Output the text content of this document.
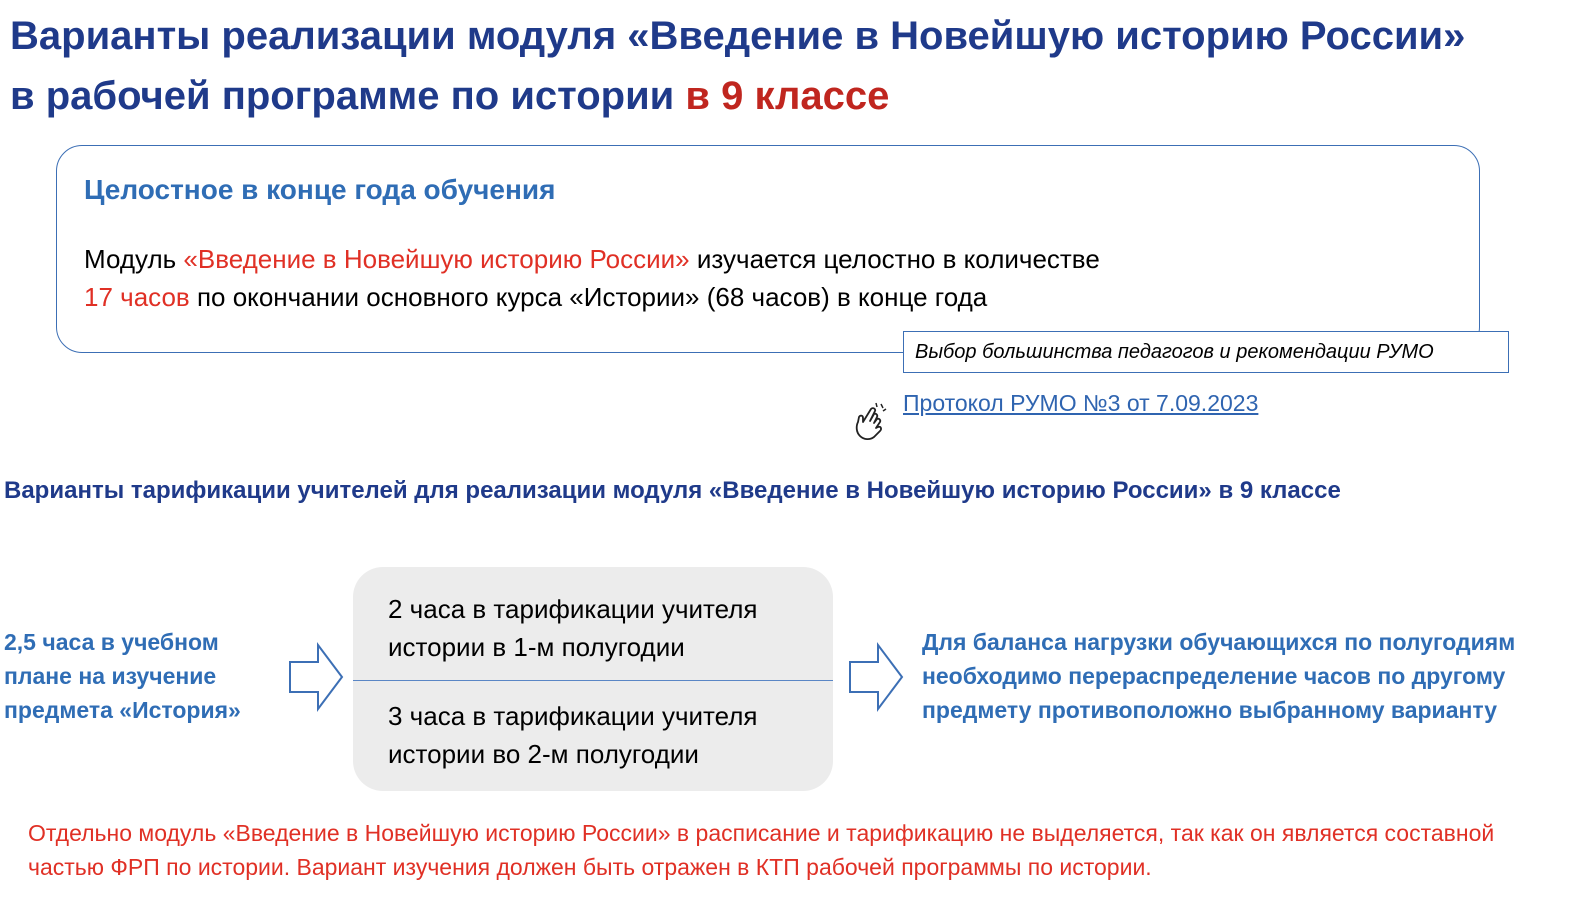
Варианты реализации модуля «Введение в Новейшую историю России»
в рабочей программе по истории в 9 классе
Целостное в конце года обучения
Модуль «Введение в Новейшую историю России» изучается целостно в количестве
17 часов по окончании основного курса «Истории» (68 часов) в конце года
Выбор большинства педагогов и рекомендации РУМО
Протокол РУМО №3 от 7.09.2023
Варианты тарификации учителей для реализации модуля «Введение в Новейшую историю России» в 9 классе
2,5 часа в учебном плане на изучение предмета «История»
2 часа в тарификации учителя истории в 1-м полугодии
3 часа в тарификации учителя истории во 2-м полугодии
Для баланса нагрузки обучающихся по полугодиям необходимо перераспределение часов по другому предмету противоположно выбранному варианту
Отдельно модуль «Введение в Новейшую историю России» в расписание и тарификацию не выделяется, так как он является составной частью ФРП по истории. Вариант изучения должен быть отражен в КТП рабочей программы по истории.
